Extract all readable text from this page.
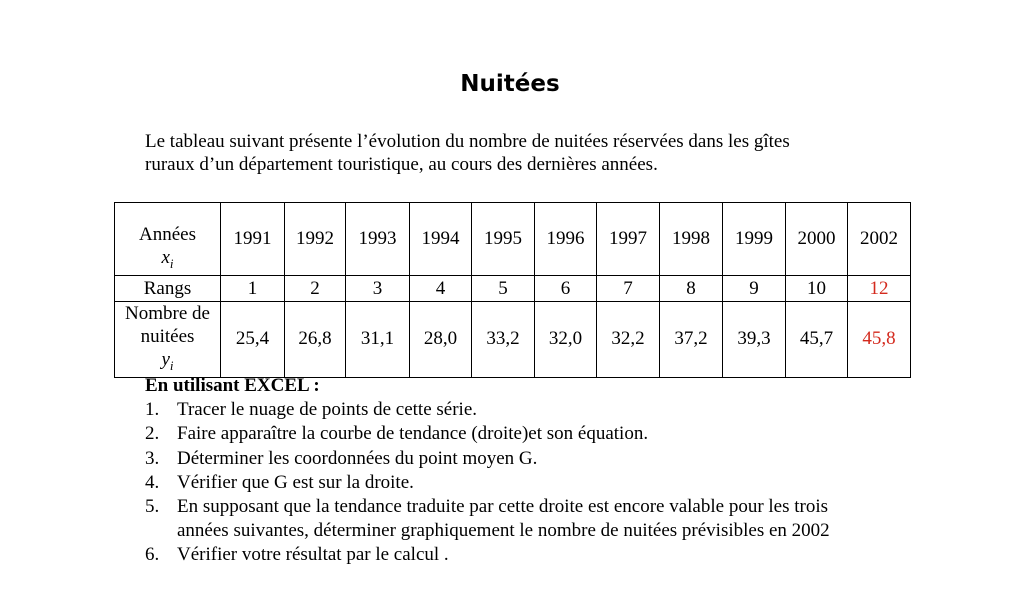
Nuitées
Le tableau suivant présente l’évolution du nombre de nuitées réservées dans les gîtes
ruraux d’un département touristique, au cours des dernières années.
Années
$x_i$	1991	1992	1993	1994	1995	1996	1997	1998	1999	2000	2002
Rangs	1	2	3	4	5	6	7	8	9	10	12

Nombre de
nuitées
$y_i$	25,4	26,8	31,1	28,0	33,2	32,0	32,2	37,2	39,3	45,7	45,8
En utilisant EXCEL :
1. Tracer le nuage de points de cette série.
2. Faire apparaître la courbe de tendance (droite)et son équation.
3. Déterminer les coordonnées du point moyen G.
4. Vérifier que G est sur la droite.
5. En supposant que la tendance traduite par cette droite est encore valable pour les trois
années suivantes, déterminer graphiquement le nombre de nuitées prévisibles en 2002
6. Vérifier votre résultat par le calcul .
